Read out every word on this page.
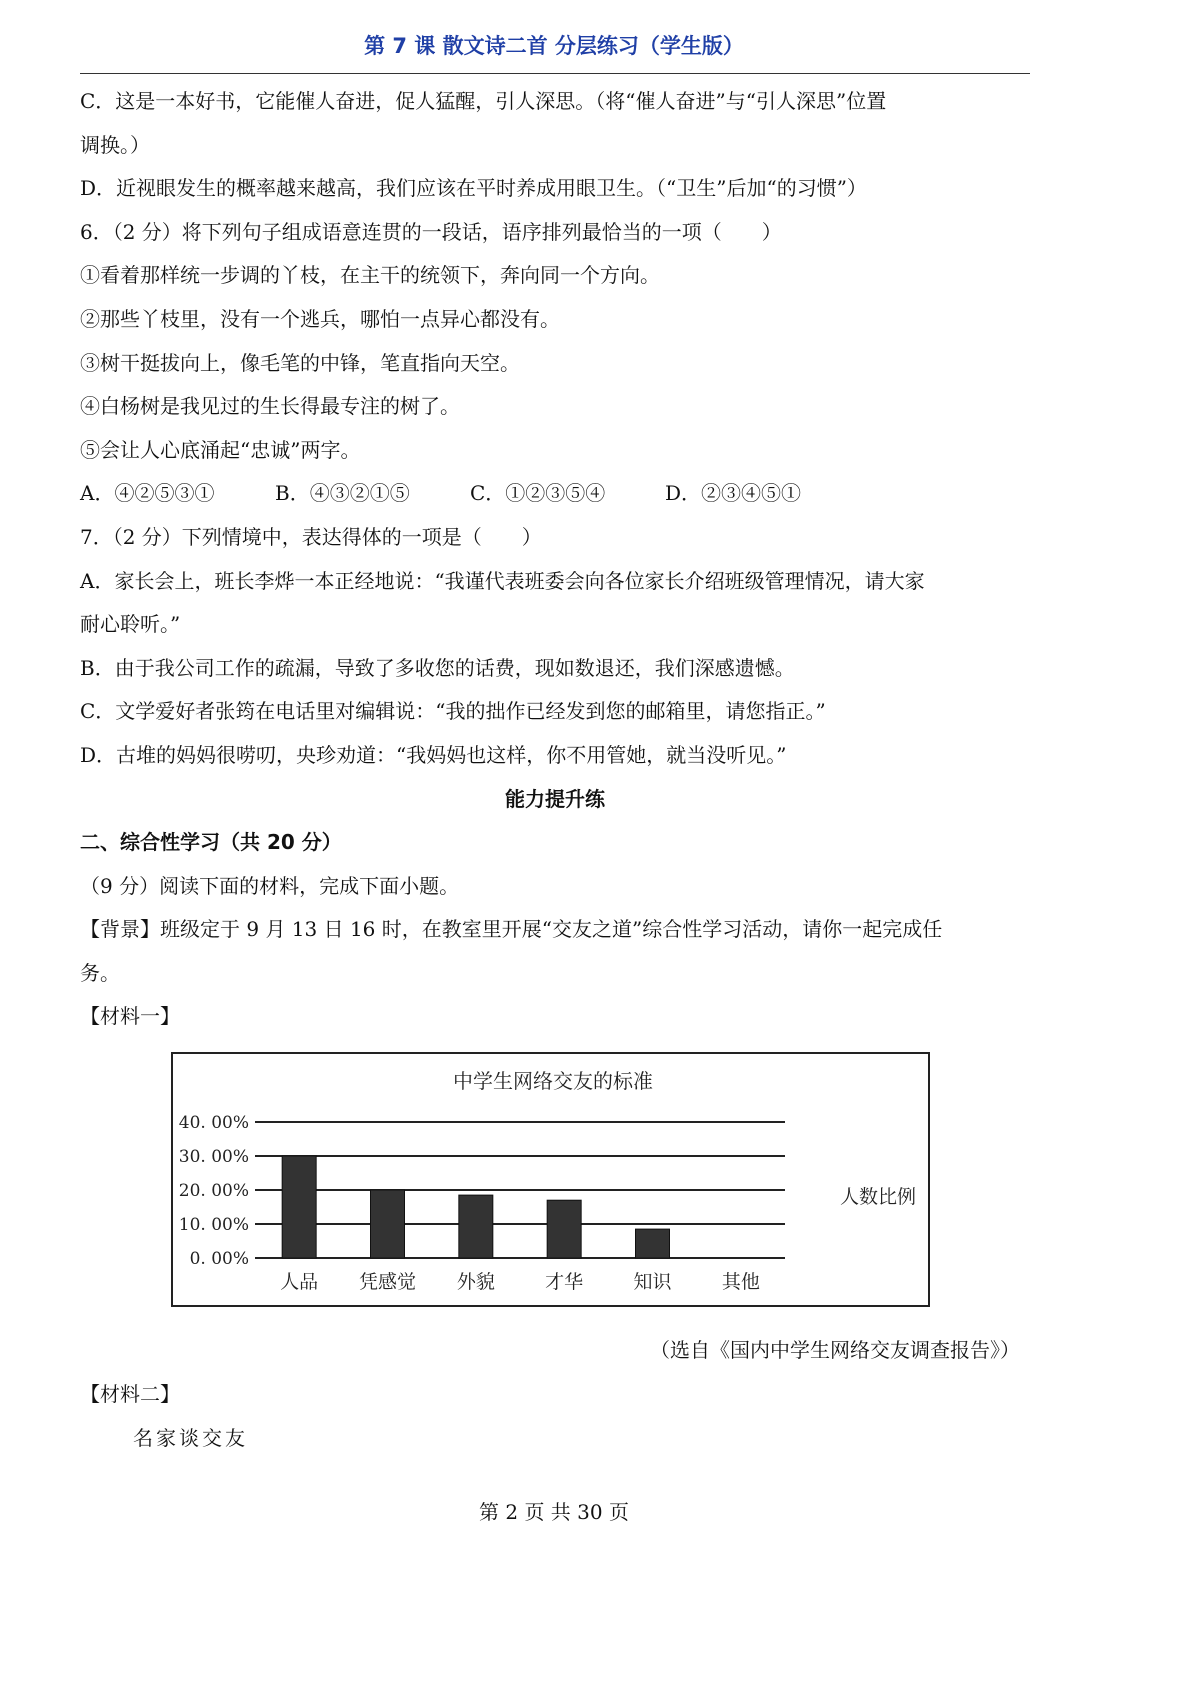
第 7 课 散文诗二首 分层练习（学生版）

C．这是一本好书，它能催人奋进，促人猛醒，引人深思。（将“催人奋进”与“引人深思”位置

调换。）

D．近视眼发生的概率越来越高，我们应该在平时养成用眼卫生。（“卫生”后加“的习惯”）

6．（2 分）将下列句子组成语意连贯的一段话，语序排列最恰当的一项（　　）

①看着那样统一步调的丫枝，在主干的统领下，奔向同一个方向。

②那些丫枝里，没有一个逃兵，哪怕一点异心都没有。

③树干挺拔向上，像毛笔的中锋，笔直指向天空。

④白杨树是我见过的生长得最专注的树了。

⑤会让人心底涌起“忠诚”两字。

A．④②⑤③①	B．④③②①⑤	C．①②③⑤④	D．②③④⑤①

7．（2 分）下列情境中，表达得体的一项是（　　）

A．家长会上，班长李烨一本正经地说：“我谨代表班委会向各位家长介绍班级管理情况，请大家

耐心聆听。”

B．由于我公司工作的疏漏，导致了多收您的话费，现如数退还，我们深感遗憾。

C．文学爱好者张筠在电话里对编辑说：“我的拙作已经发到您的邮箱里，请您指正。”

D．古堆的妈妈很唠叨，央珍劝道：“我妈妈也这样，你不用管她，就当没听见。”

能力提升练

二、综合性学习（共 20 分）

（9 分）阅读下面的材料，完成下面小题。

【背景】班级定于 9 月 13 日 16 时，在教室里开展“交友之道”综合性学习活动，请你一起完成任

务。

【材料一】

中学生网络交友的标准
人数比例
0. 00%
10. 00%
20. 00%
30. 00%
40. 00%
人品 凭感觉 外貌	才华	知识	其他
（选自《国内中学生网络交友调查报告》）
【材料二】
名家谈交友
第 2 页 共 30 页
